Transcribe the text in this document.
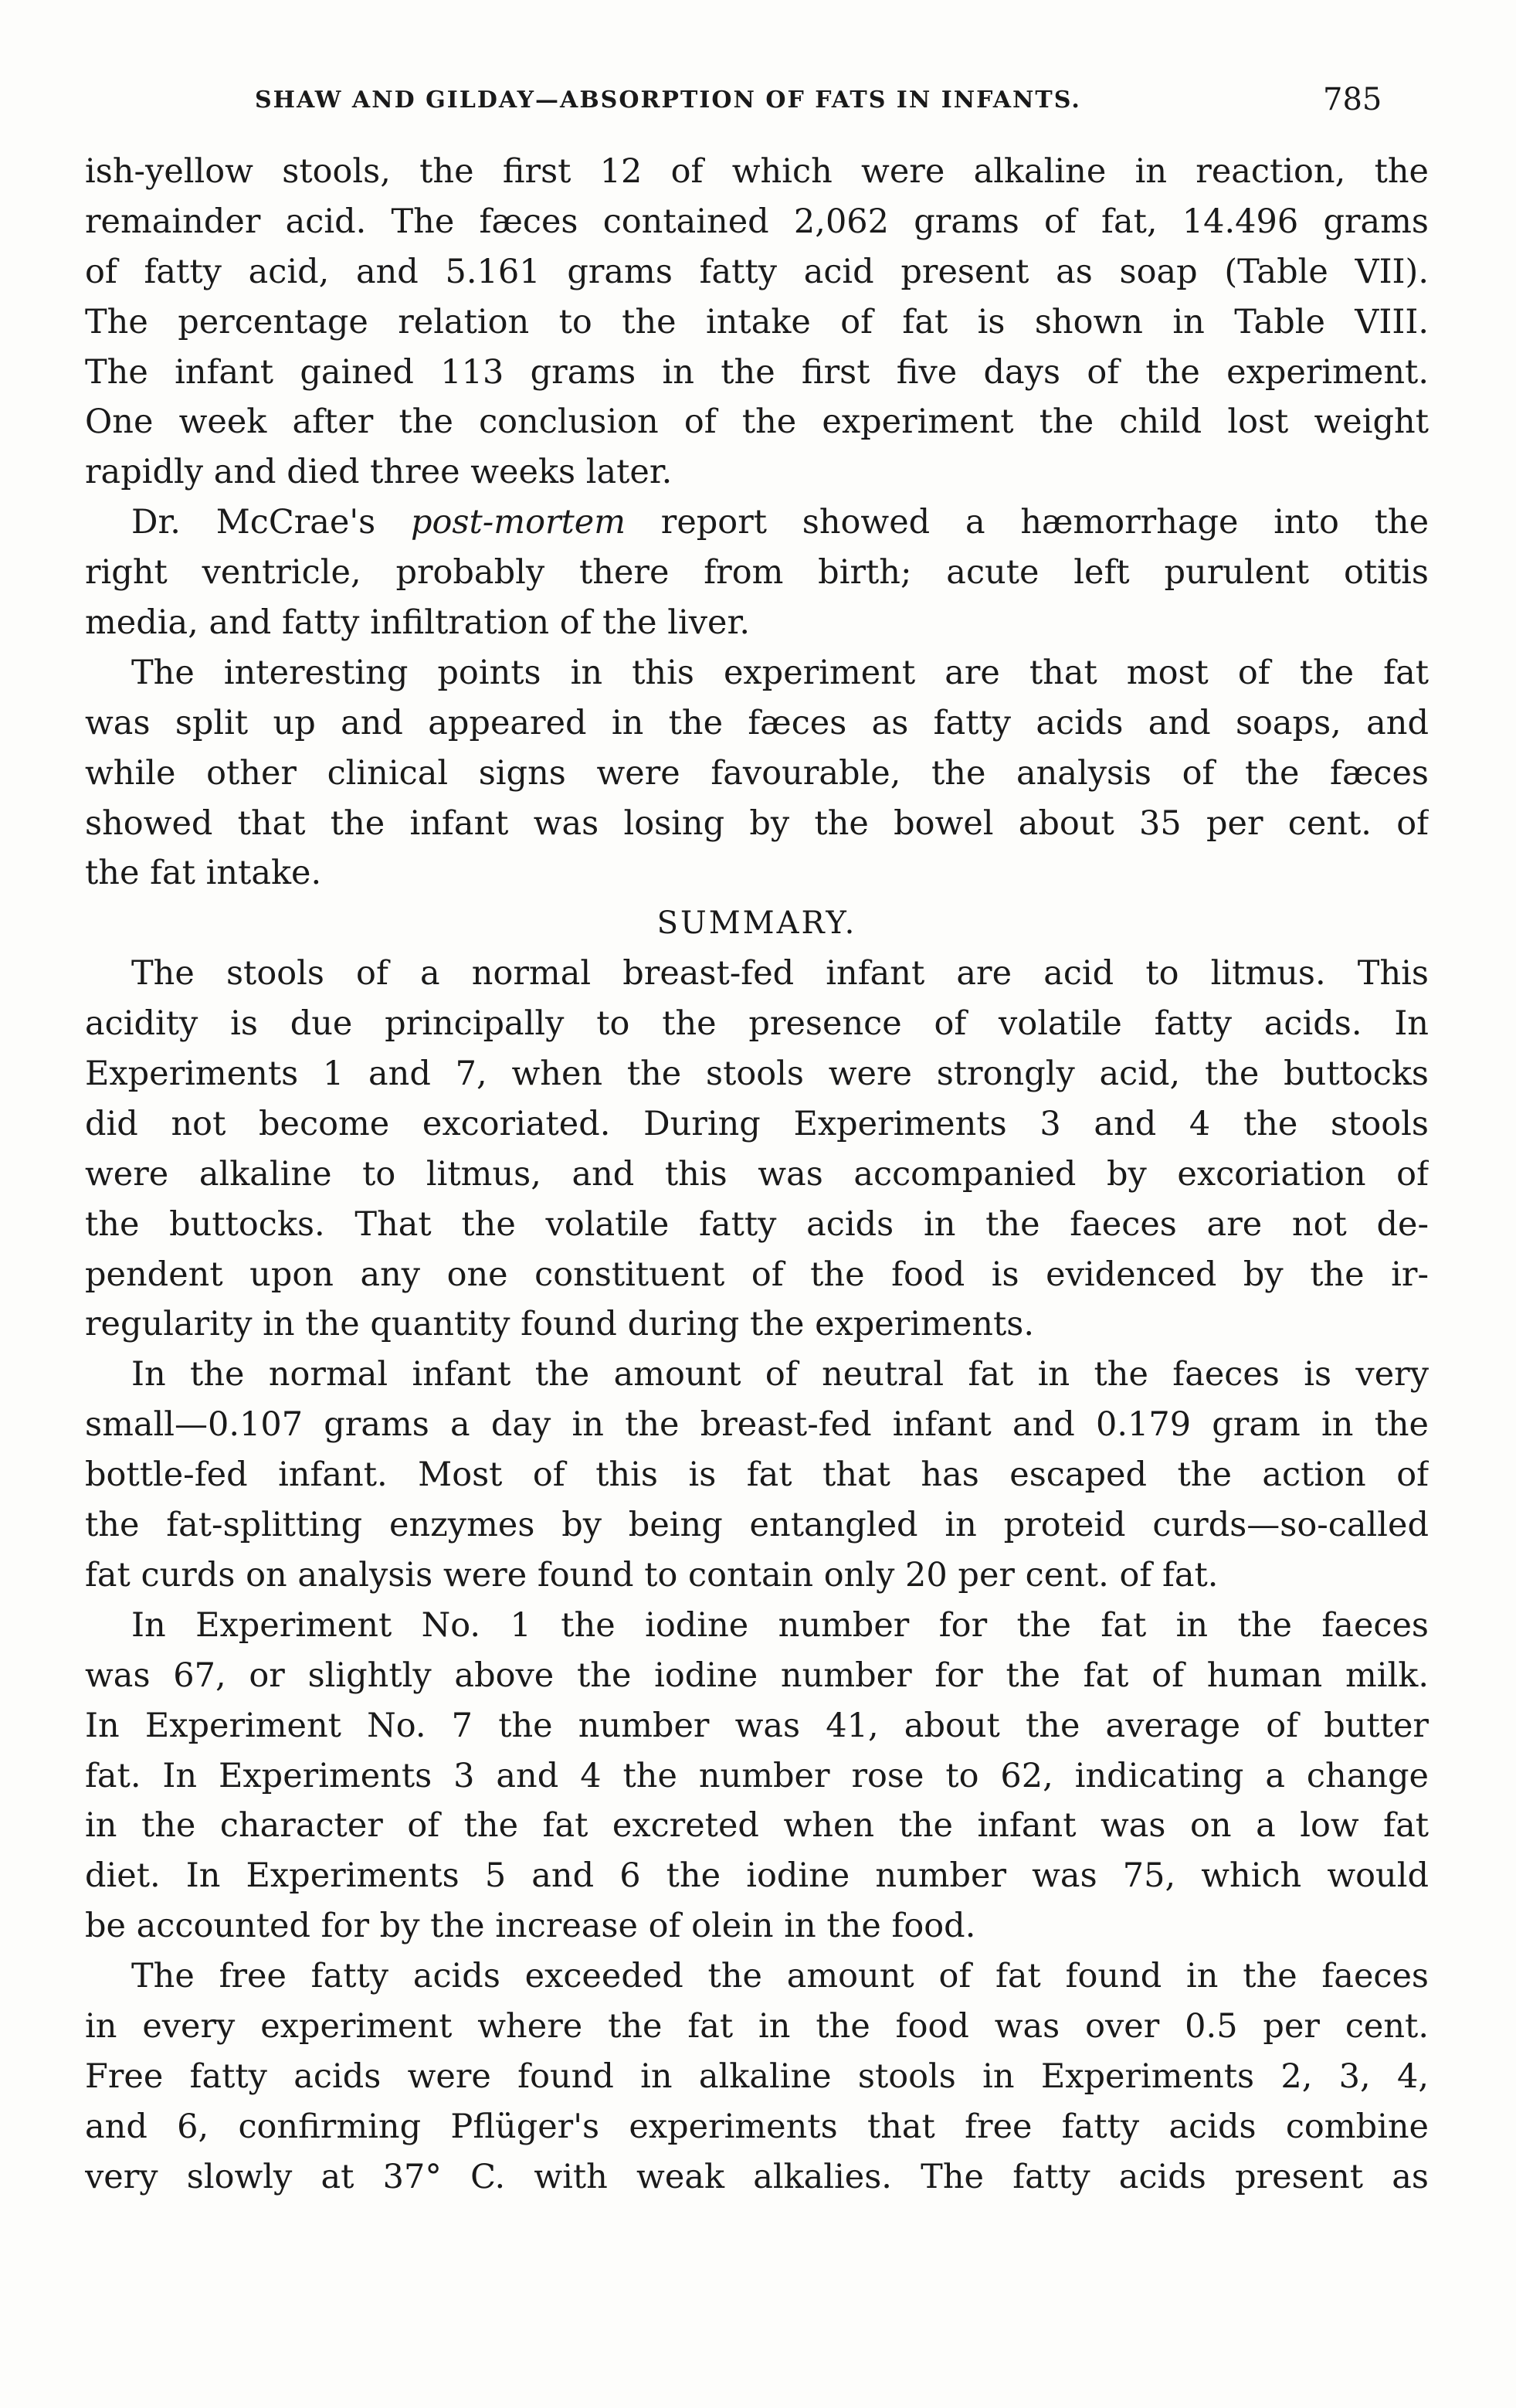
SHAW AND GILDAY—ABSORPTION OF FATS IN INFANTS.	785
ish-yellow stools, the first 12 of which were alkaline in reaction, the
remainder acid. The fæces contained 2,062 grams of fat, 14.496 grams
of fatty acid, and 5.161 grams fatty acid present as soap (Table VII).
The percentage relation to the intake of fat is shown in Table VIII.
The infant gained 113 grams in the first five days of the experiment.
One week after the conclusion of the experiment the child lost weight
rapidly and died three weeks later.
Dr. McCrae's post-mortem report showed a hæmorrhage into the
right ventricle, probably there from birth; acute left purulent otitis
media, and fatty infiltration of the liver.
The interesting points in this experiment are that most of the fat
was split up and appeared in the fæces as fatty acids and soaps, and
while other clinical signs were favourable, the analysis of the fæces
showed that the infant was losing by the bowel about 35 per cent. of
the fat intake.
SUMMARY.
The stools of a normal breast-fed infant are acid to litmus. This
acidity is due principally to the presence of volatile fatty acids. In
Experiments 1 and 7, when the stools were strongly acid, the buttocks
did not become excoriated. During Experiments 3 and 4 the stools
were alkaline to litmus, and this was accompanied by excoriation of
the buttocks. That the volatile fatty acids in the faeces are not de-
pendent upon any one constituent of the food is evidenced by the ir-
regularity in the quantity found during the experiments.
In the normal infant the amount of neutral fat in the faeces is very
small—0.107 grams a day in the breast-fed infant and 0.179 gram in the
bottle-fed infant. Most of this is fat that has escaped the action of
the fat-splitting enzymes by being entangled in proteid curds—so-called
fat curds on analysis were found to contain only 20 per cent. of fat.
In Experiment No. 1 the iodine number for the fat in the faeces
was 67, or slightly above the iodine number for the fat of human milk.
In Experiment No. 7 the number was 41, about the average of butter
fat. In Experiments 3 and 4 the number rose to 62, indicating a change
in the character of the fat excreted when the infant was on a low fat
diet. In Experiments 5 and 6 the iodine number was 75, which would
be accounted for by the increase of olein in the food.
The free fatty acids exceeded the amount of fat found in the faeces
in every experiment where the fat in the food was over 0.5 per cent.
Free fatty acids were found in alkaline stools in Experiments 2, 3, 4,
and 6, confirming Pflüger's experiments that free fatty acids combine
very slowly at 37° C. with weak alkalies. The fatty acids present as
